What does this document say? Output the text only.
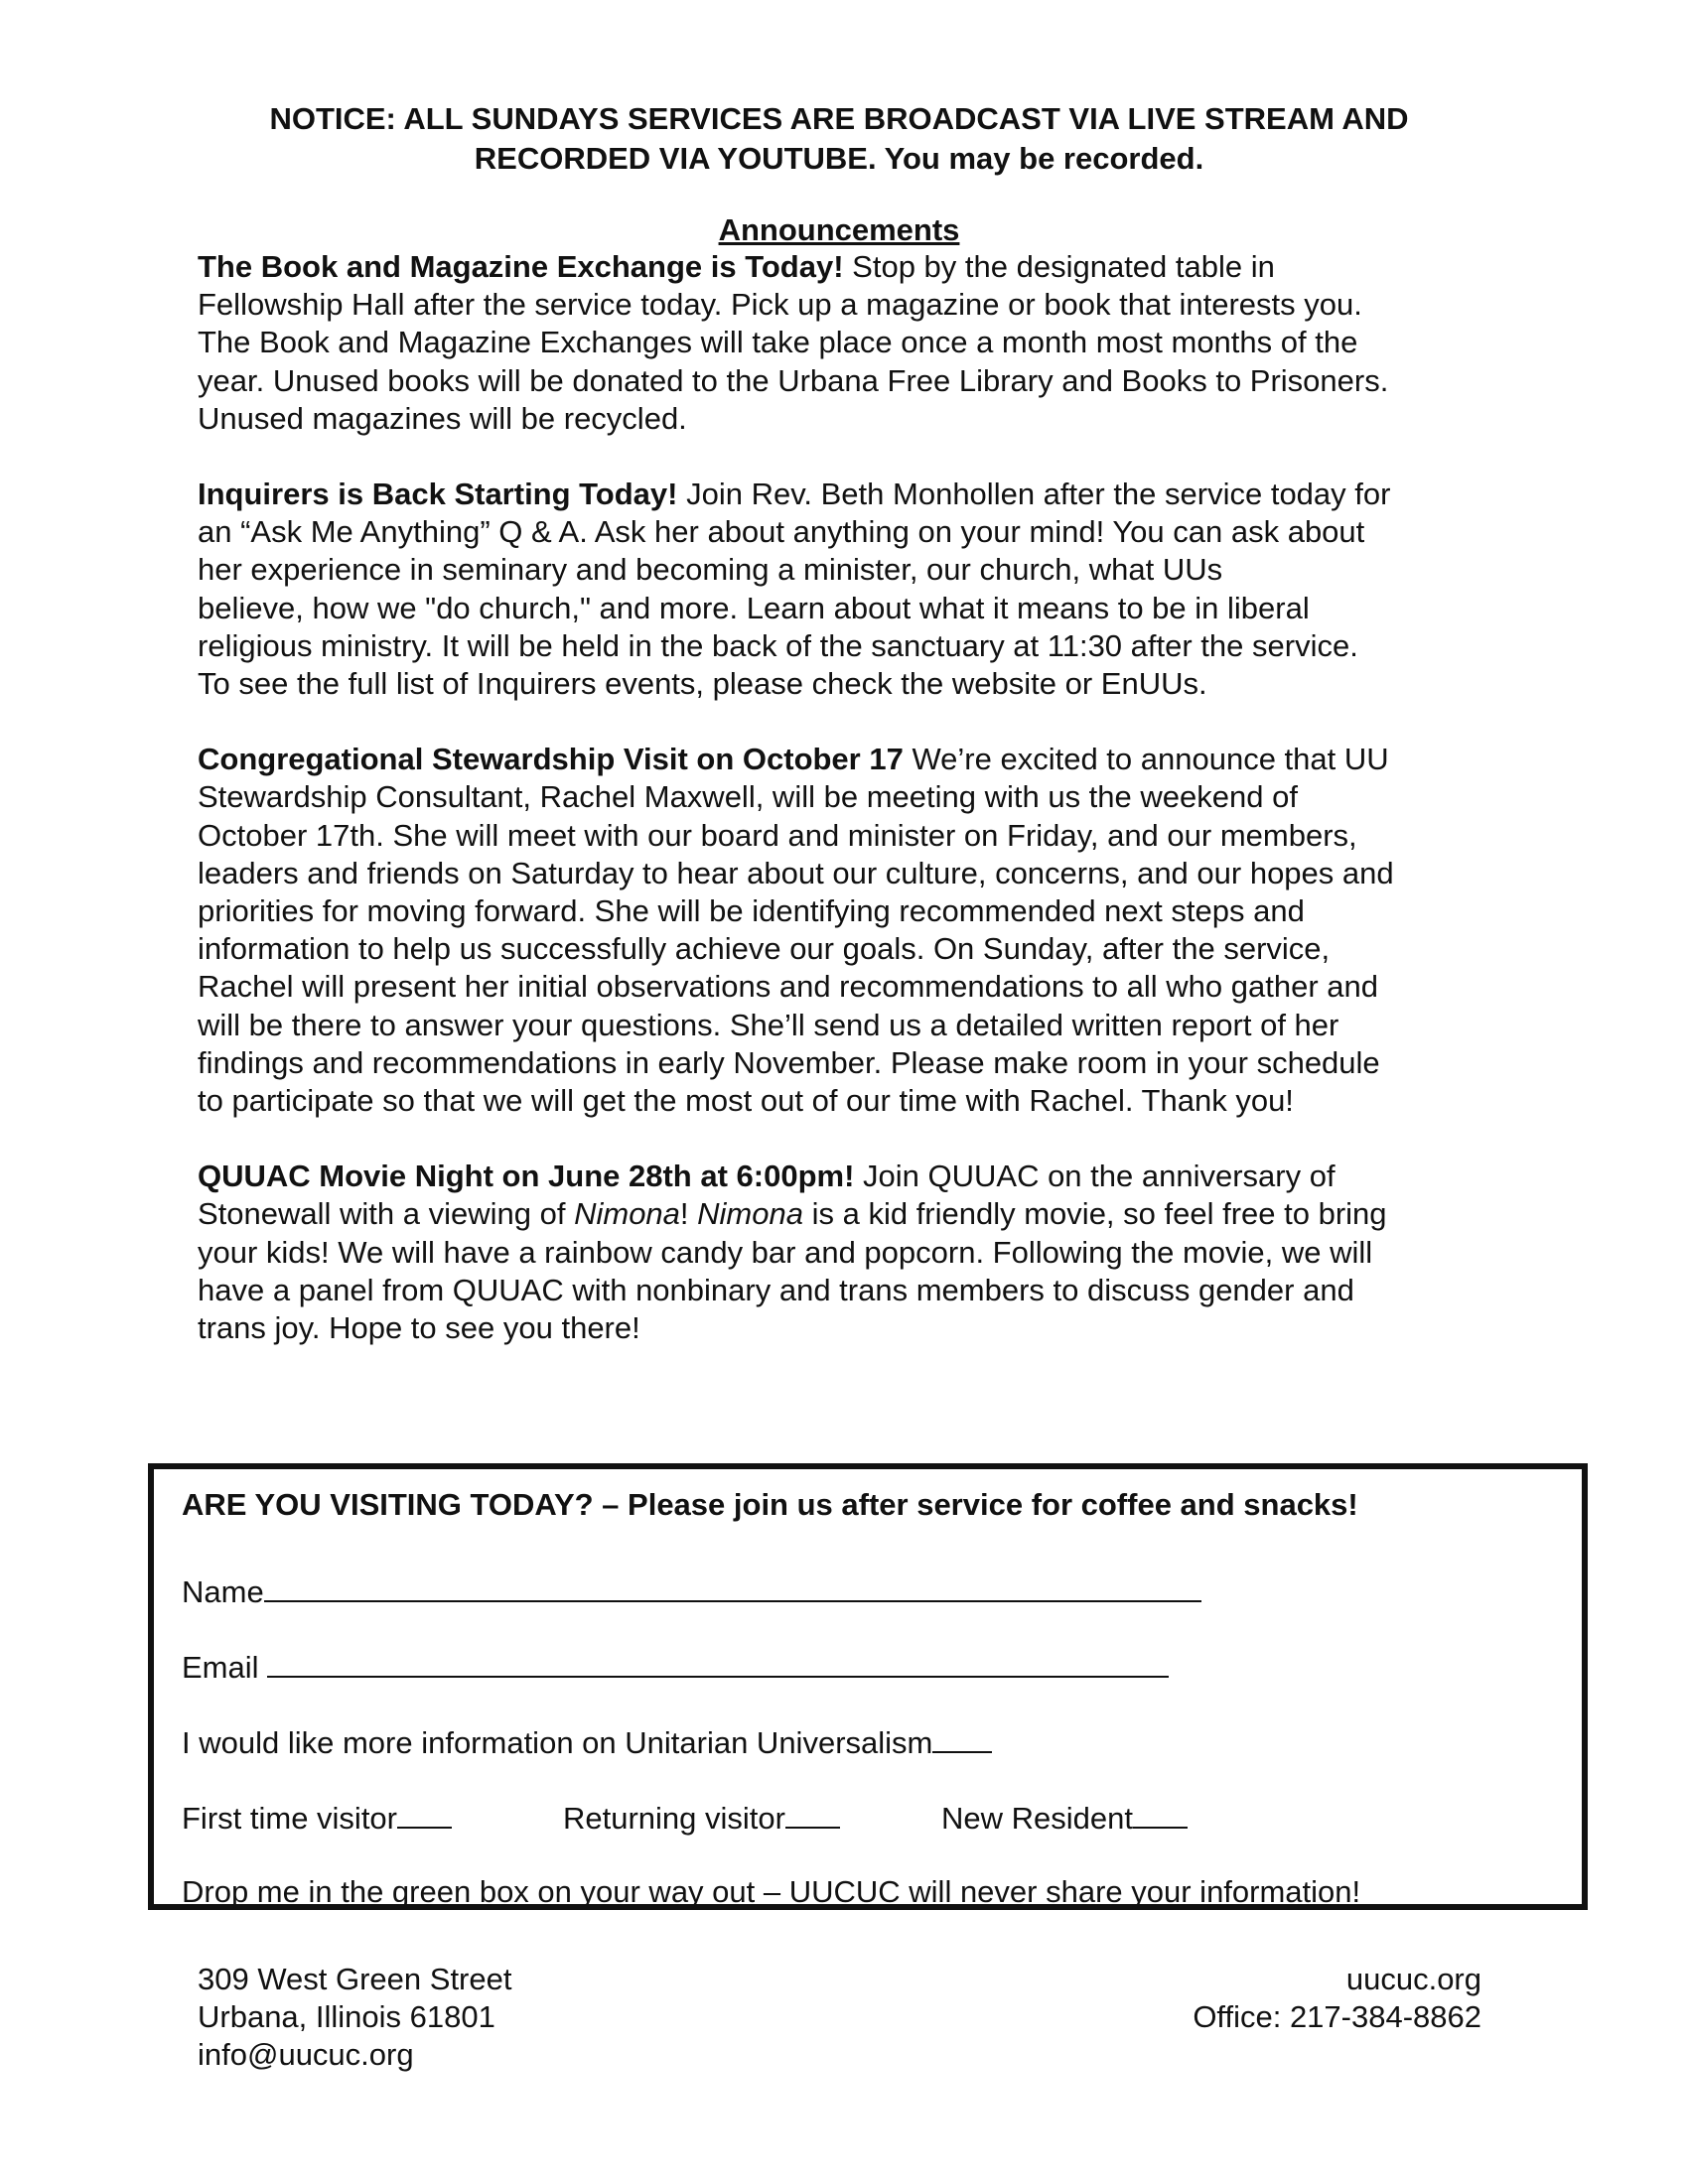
NOTICE: ALL SUNDAYS SERVICES ARE BROADCAST VIA LIVE STREAM AND
RECORDED VIA YOUTUBE. You may be recorded.
Announcements
The Book and Magazine Exchange is Today! Stop by the designated table in
Fellowship Hall after the service today. Pick up a magazine or book that interests you.
The Book and Magazine Exchanges will take place once a month most months of the
year. Unused books will be donated to the Urbana Free Library and Books to Prisoners.
Unused magazines will be recycled.
Inquirers is Back Starting Today! Join Rev. Beth Monhollen after the service today for
an “Ask Me Anything” Q & A. Ask her about anything on your mind! You can ask about
her experience in seminary and becoming a minister, our church, what UUs
believe, how we "do church," and more. Learn about what it means to be in liberal
religious ministry. It will be held in the back of the sanctuary at 11:30 after the service.
To see the full list of Inquirers events, please check the website or EnUUs.
Congregational Stewardship Visit on October 17 We’re excited to announce that UU
Stewardship Consultant, Rachel Maxwell, will be meeting with us the weekend of
October 17th. She will meet with our board and minister on Friday, and our members,
leaders and friends on Saturday to hear about our culture, concerns, and our hopes and
priorities for moving forward. She will be identifying recommended next steps and
information to help us successfully achieve our goals. On Sunday, after the service,
Rachel will present her initial observations and recommendations to all who gather and
will be there to answer your questions. She’ll send us a detailed written report of her
findings and recommendations in early November. Please make room in your schedule
to participate so that we will get the most out of our time with Rachel. Thank you!
QUUAC Movie Night on June 28th at 6:00pm! Join QUUAC on the anniversary of
Stonewall with a viewing of Nimona! Nimona is a kid friendly movie, so feel free to bring
your kids! We will have a rainbow candy bar and popcorn. Following the movie, we will
have a panel from QUUAC with nonbinary and trans members to discuss gender and
trans joy. Hope to see you there!
ARE YOU VISITING TODAY? – Please join us after service for coffee and snacks!
Name
Email
I would like more information on Unitarian Universalism
First time visitor	Returning visitor	New Resident
Drop me in the green box on your way out – UUCUC will never share your information!
309 West Green Street
Urbana, Illinois 61801
info@uucuc.org
uucuc.org
Office: 217-384-8862
